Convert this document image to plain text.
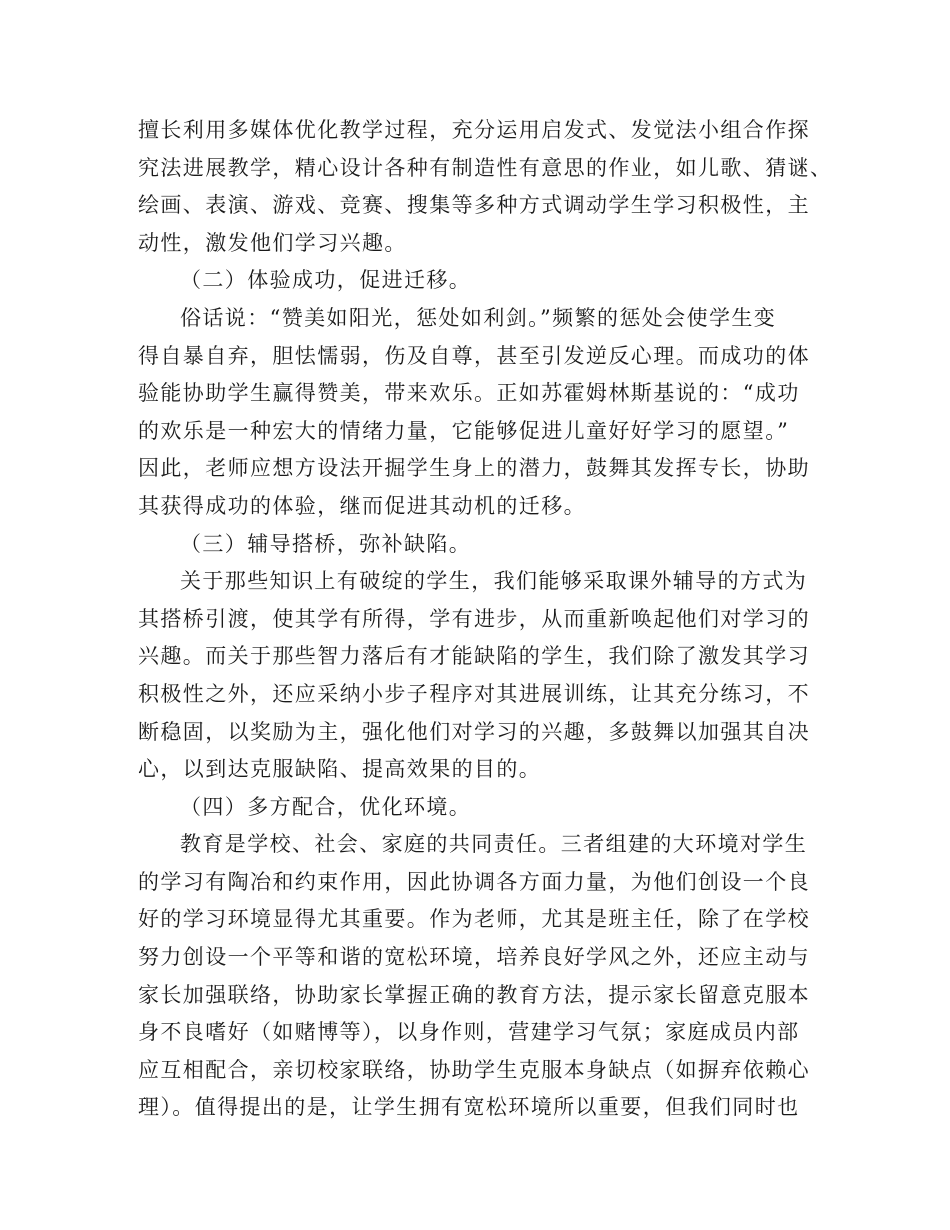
擅长利用多媒体优化教学过程，充分运用启发式、发觉法小组合作探
究法进展教学，精心设计各种有制造性有意思的作业，如儿歌、猜谜、
绘画、表演、游戏、竞赛、搜集等多种方式调动学生学习积极性，主
动性，激发他们学习兴趣。
（二）体验成功，促进迁移。
俗话说：“赞美如阳光，惩处如利剑。”频繁的惩处会使学生变
得自暴自弃，胆怯懦弱，伤及自尊，甚至引发逆反心理。而成功的体
验能协助学生赢得赞美，带来欢乐。正如苏霍姆林斯基说的：“成功
的欢乐是一种宏大的情绪力量，它能够促进儿童好好学习的愿望。”
因此，老师应想方设法开掘学生身上的潜力，鼓舞其发挥专长，协助
其获得成功的体验，继而促进其动机的迁移。
（三）辅导搭桥，弥补缺陷。
关于那些知识上有破绽的学生，我们能够采取课外辅导的方式为
其搭桥引渡，使其学有所得，学有进步，从而重新唤起他们对学习的
兴趣。而关于那些智力落后有才能缺陷的学生，我们除了激发其学习
积极性之外，还应采纳小步子程序对其进展训练，让其充分练习，不
断稳固，以奖励为主，强化他们对学习的兴趣，多鼓舞以加强其自决
心，以到达克服缺陷、提高效果的目的。
（四）多方配合，优化环境。
教育是学校、社会、家庭的共同责任。三者组建的大环境对学生
的学习有陶冶和约束作用，因此协调各方面力量，为他们创设一个良
好的学习环境显得尤其重要。作为老师，尤其是班主任，除了在学校
努力创设一个平等和谐的宽松环境，培养良好学风之外，还应主动与
家长加强联络，协助家长掌握正确的教育方法，提示家长留意克服本
身不良嗜好（如赌博等），以身作则，营建学习气氛；家庭成员内部
应互相配合，亲切校家联络，协助学生克服本身缺点（如摒弃依赖心
理）。值得提出的是，让学生拥有宽松环境所以重要，但我们同时也
